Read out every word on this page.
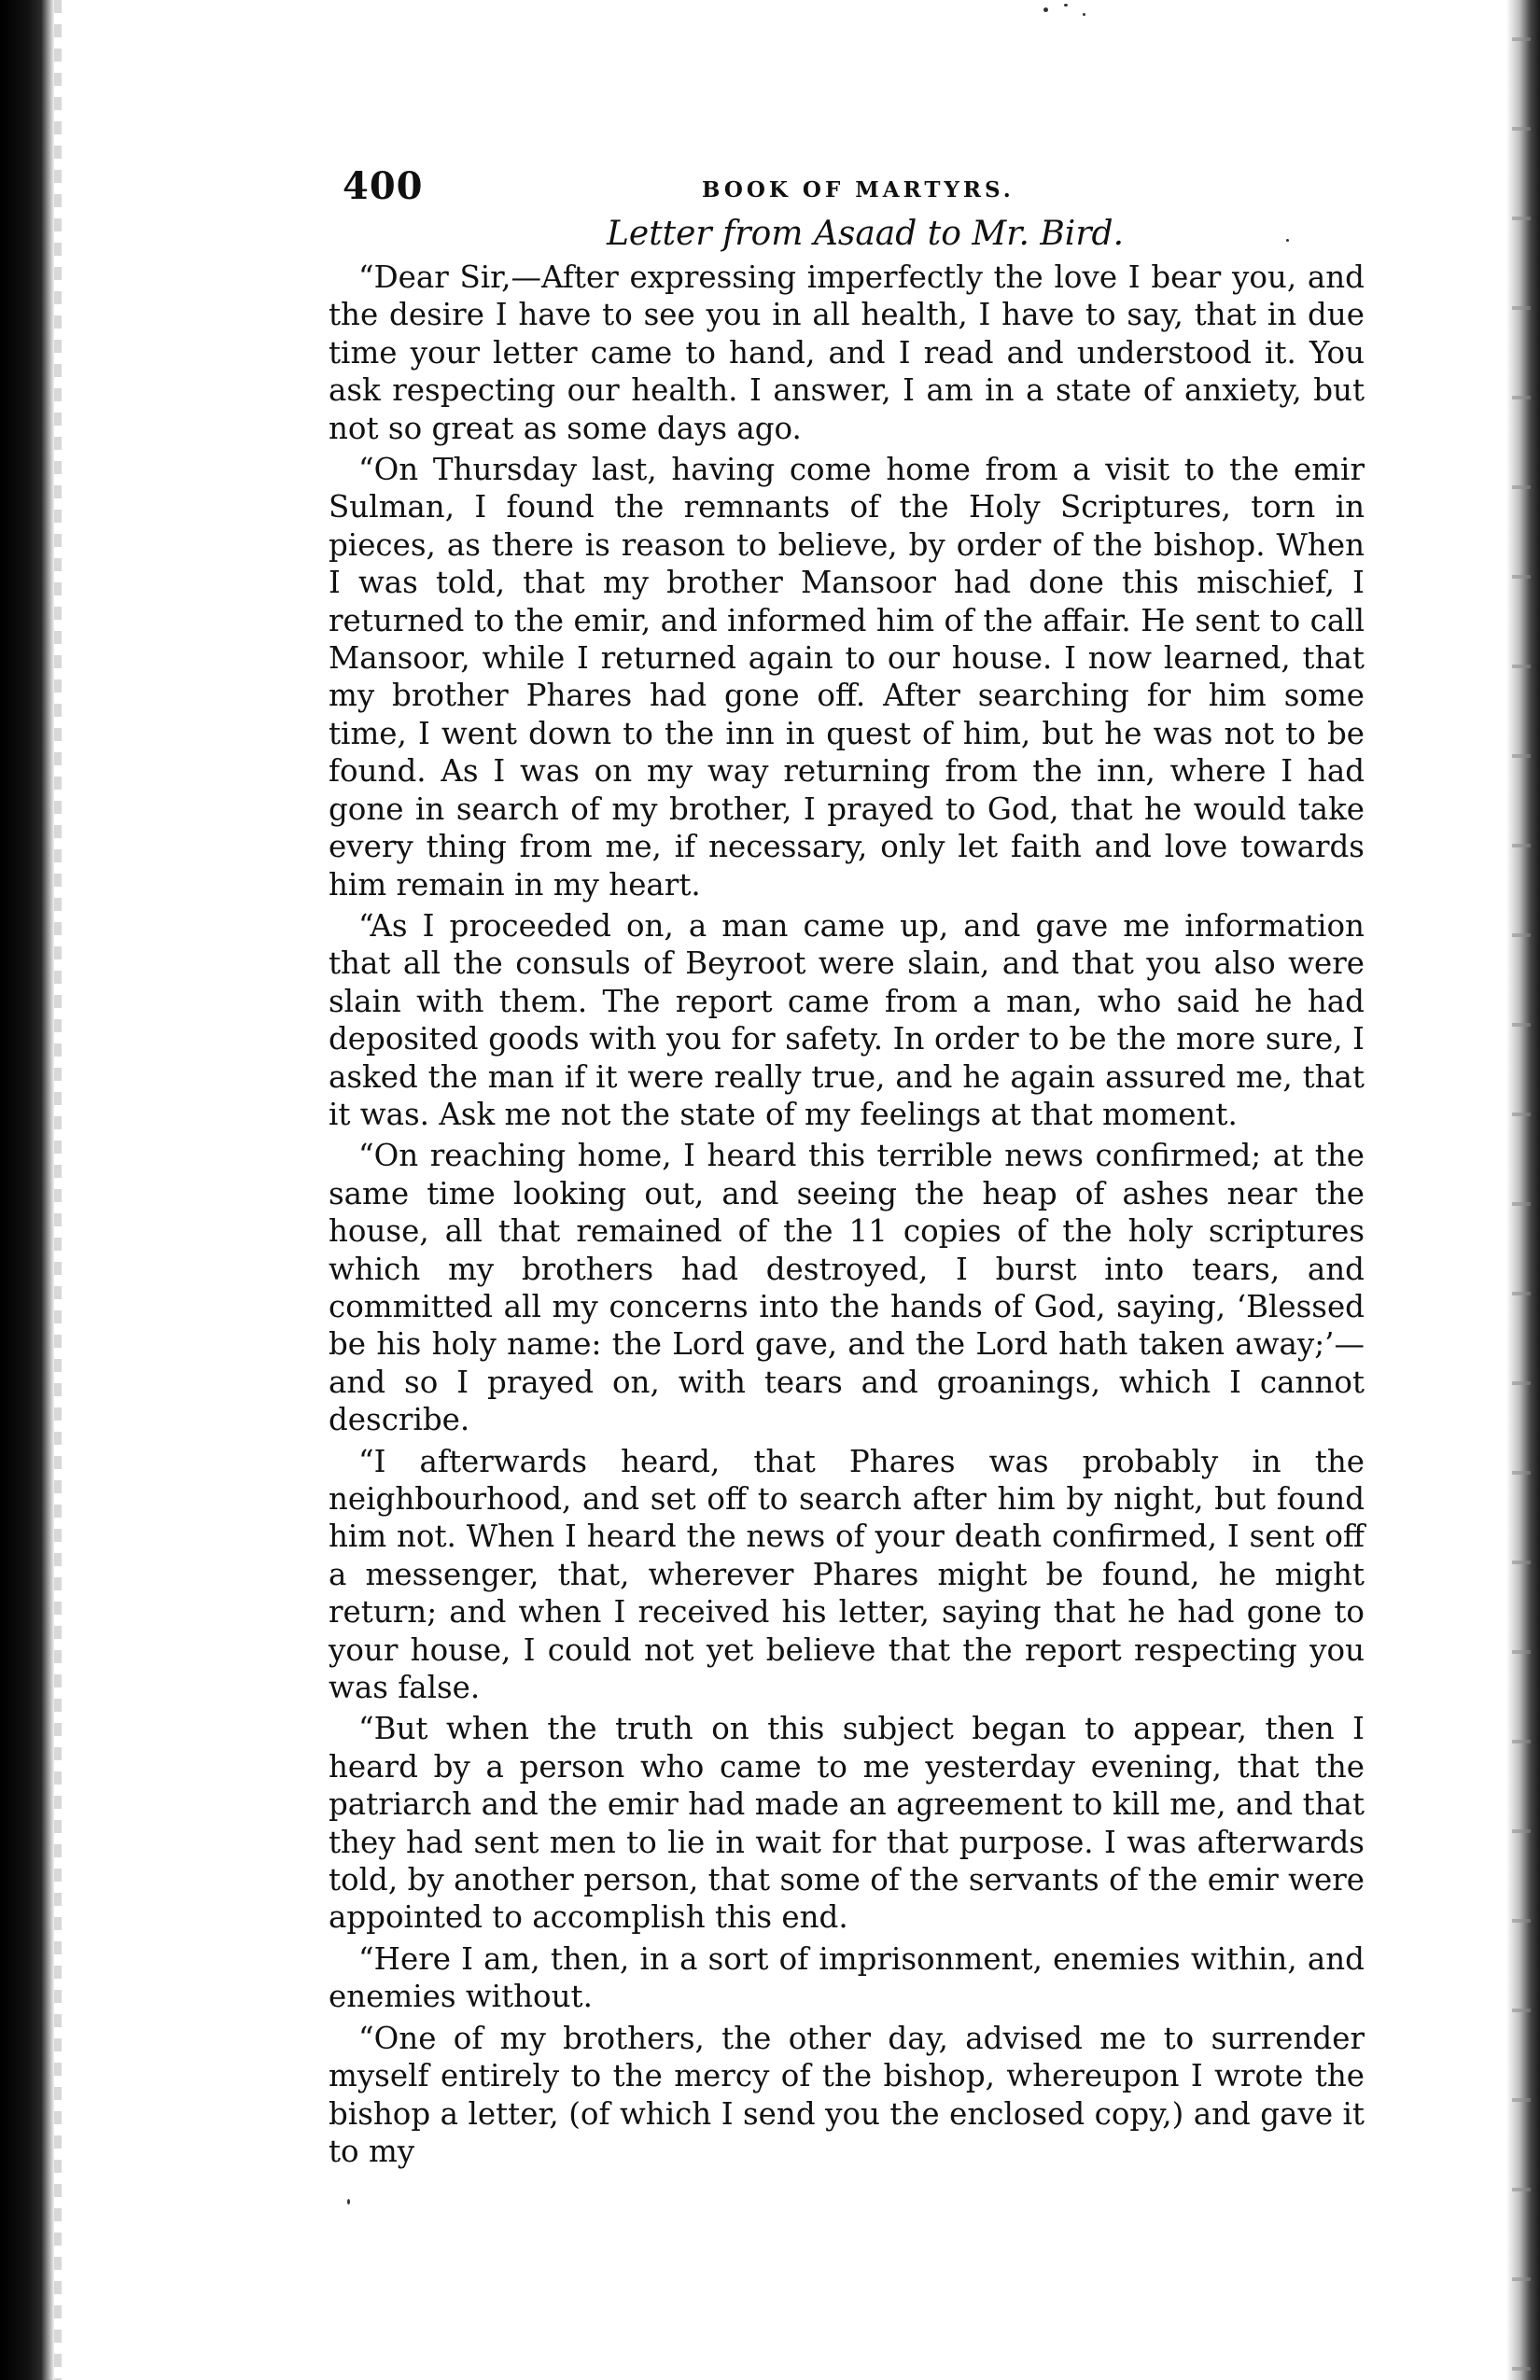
400	BOOK OF MARTYRS.
Letter from Asaad to Mr. Bird.

“Dear Sir,—After expressing imperfectly the love I bear you, and the desire I have to see you in all health, I have to say, that in due time your letter came to hand, and I read and understood it. You ask respecting our health. I answer, I am in a state of anxiety, but not so great as some days ago.

“On Thursday last, having come home from a visit to the emir Sulman, I found the remnants of the Holy Scriptures, torn in pieces, as there is reason to believe, by order of the bishop. When I was told, that my brother Mansoor had done this mischief, I returned to the emir, and informed him of the affair. He sent to call Mansoor, while I returned again to our house. I now learned, that my brother Phares had gone off. After searching for him some time, I went down to the inn in quest of him, but he was not to be found. As I was on my way returning from the inn, where I had gone in search of my brother, I prayed to God, that he would take every thing from me, if necessary, only let faith and love towards him remain in my heart.

“As I proceeded on, a man came up, and gave me information that all the consuls of Beyroot were slain, and that you also were slain with them. The report came from a man, who said he had deposited goods with you for safety. In order to be the more sure, I asked the man if it were really true, and he again assured me, that it was. Ask me not the state of my feelings at that moment.

“On reaching home, I heard this terrible news confirmed; at the same time looking out, and seeing the heap of ashes near the house, all that remained of the 11 copies of the holy scriptures which my brothers had destroyed, I burst into tears, and committed all my concerns into the hands of God, saying, ‘Blessed be his holy name: the Lord gave, and the Lord hath taken away;’—and so I prayed on, with tears and groanings, which I cannot describe.

“I afterwards heard, that Phares was probably in the neighbourhood, and set off to search after him by night, but found him not. When I heard the news of your death confirmed, I sent off a messenger, that, wherever Phares might be found, he might return; and when I received his letter, saying that he had gone to your house, I could not yet believe that the report respecting you was false.

“But when the truth on this subject began to appear, then I heard by a person who came to me yesterday evening, that the patriarch and the emir had made an agreement to kill me, and that they had sent men to lie in wait for that purpose. I was afterwards told, by another person, that some of the servants of the emir were appointed to accomplish this end.

“Here I am, then, in a sort of imprisonment, enemies within, and enemies without.

“One of my brothers, the other day, advised me to surrender myself entirely to the mercy of the bishop, whereupon I wrote the bishop a letter, (of which I send you the enclosed copy,) and gave it to my
